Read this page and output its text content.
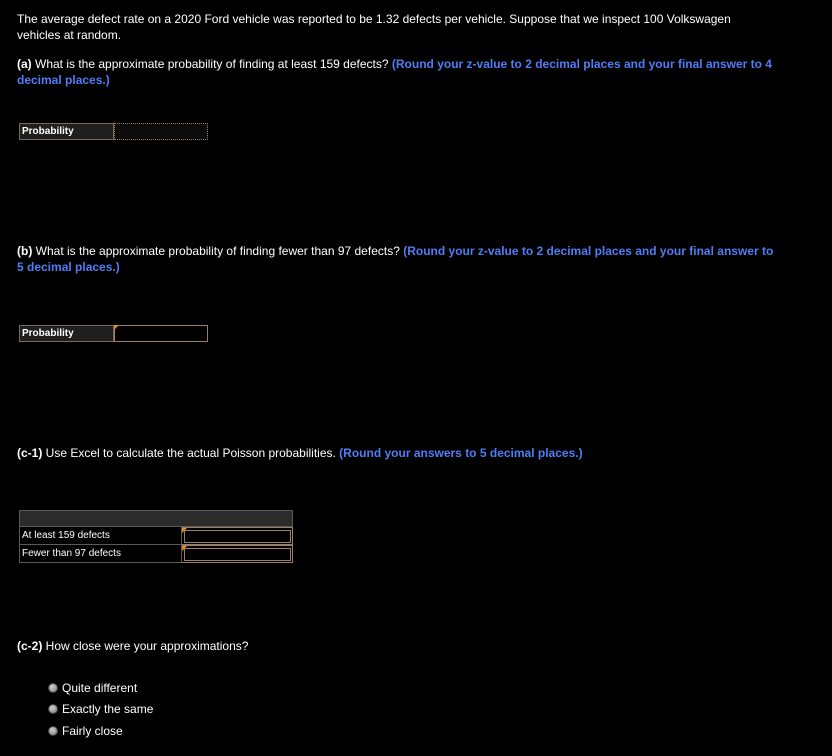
The average defect rate on a 2020 Ford vehicle was reported to be 1.32 defects per vehicle. Suppose that we inspect 100 Volkswagen vehicles at random.
(a) What is the approximate probability of finding at least 159 defects? (Round your z-value to 2 decimal places and your final answer to 4 decimal places.)
Probability
(b) What is the approximate probability of finding fewer than 97 defects? (Round your z-value to 2 decimal places and your final answer to 5 decimal places.)
Probability
(c-1) Use Excel to calculate the actual Poisson probabilities. (Round your answers to 5 decimal places.)
At least 159 defects
Fewer than 97 defects
(c-2) How close were your approximations?
Quite different
Exactly the same
Fairly close
